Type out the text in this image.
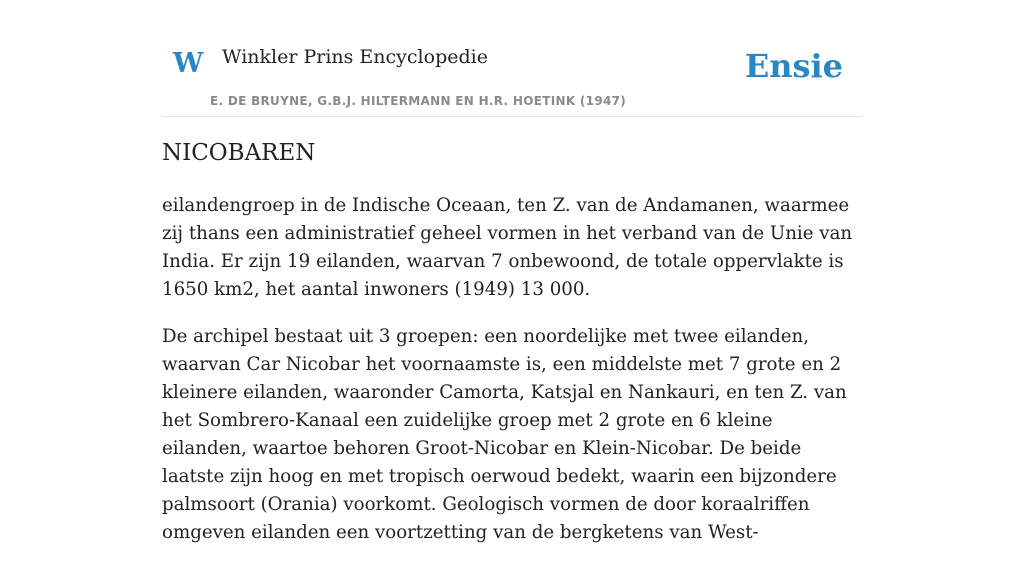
W Winkler Prins Encyclopedie
E. DE BRUYNE, G.B.J. HILTERMANN EN H.R. HOETINK (1947)
Ensie
NICOBAREN

eilandengroep in de Indische Oceaan, ten Z. van de Andamanen, waarmee zij thans een administratief geheel vormen in het verband van de Unie van India. Er zijn 19 eilanden, waarvan 7 onbewoond, de totale oppervlakte is 1650 km2, het aantal inwoners (1949) 13 000.

De archipel bestaat uit 3 groepen: een noordelijke met twee eilanden, waarvan Car Nicobar het voornaamste is, een middelste met 7 grote en 2 kleinere eilanden, waaronder Camorta, Katsjal en Nankauri, en ten Z. van het Sombrero-Kanaal een zuidelijke groep met 2 grote en 6 kleine eilanden, waartoe behoren Groot-Nicobar en Klein-Nicobar. De beide laatste zijn hoog en met tropisch oerwoud bedekt, waarin een bijzondere palmsoort (Orania) voorkomt. Geologisch vormen de door koraalriffen omgeven eilanden een voortzetting van de bergketens van West-
